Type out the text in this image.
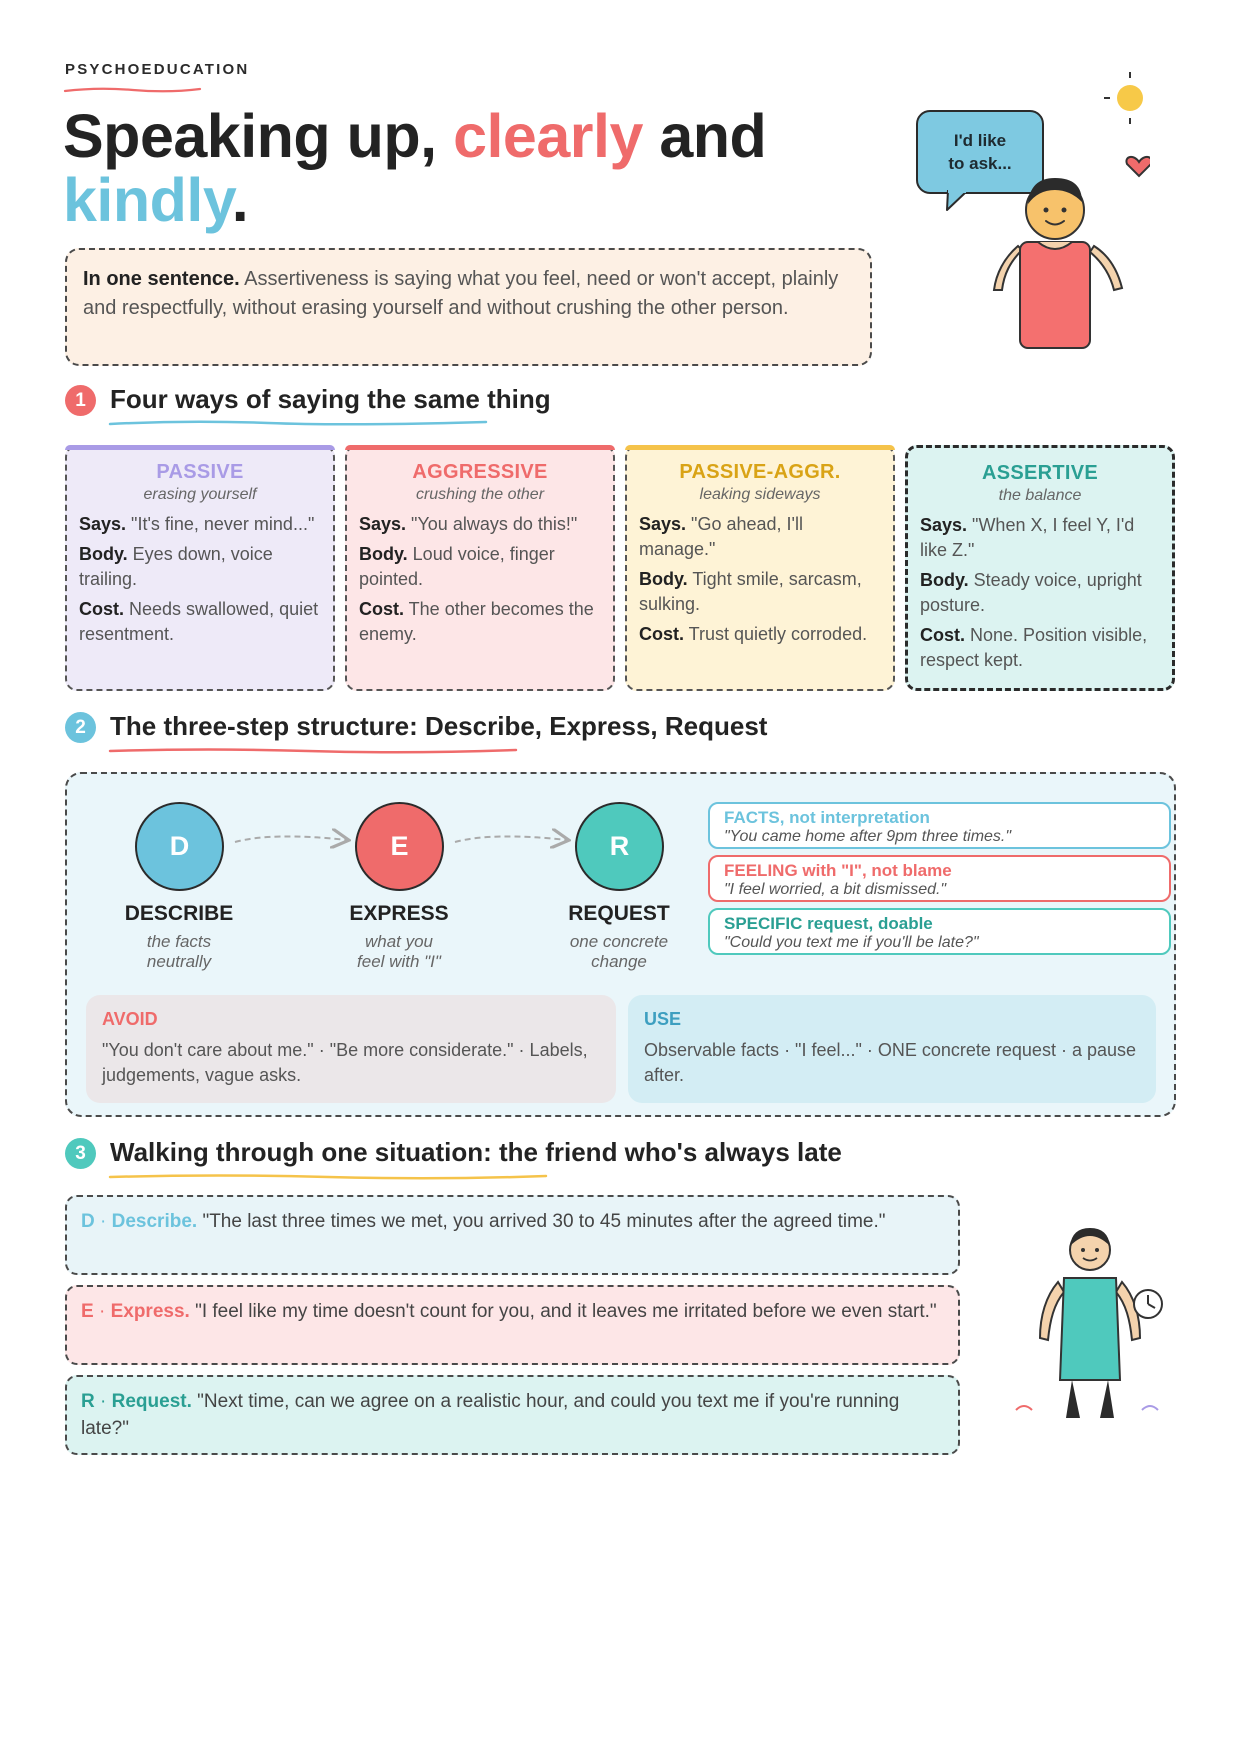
PSYCHOEDUCATION
Speaking up, clearly and
kindly.
In one sentence. Assertiveness is saying what you feel, need or won't accept, plainly and respectfully, without erasing yourself and without crushing the other person.
I'd like
to ask...
1 Four ways of saying the same thing
PASSIVE
erasing yourself

Says. "It's fine, never mind..."

Body. Eyes down, voice trailing.

Cost. Needs swallowed, quiet resentment.

AGGRESSIVE
crushing the other

Says. "You always do this!"

Body. Loud voice, finger pointed.

Cost. The other becomes the enemy.

PASSIVE-AGGR.
leaking sideways

Says. "Go ahead, I'll manage."

Body. Tight smile, sarcasm, sulking.

Cost. Trust quietly corroded.

ASSERTIVE
the balance

Says. "When X, I feel Y, I'd like Z."

Body. Steady voice, upright posture.

Cost. None. Position visible, respect kept.

2 The three-step structure: Describe, Express, Request
D
DESCRIBE
the facts
neutrally
E
EXPRESS
what you
feel with "I"
R
REQUEST
one concrete
change
FACTS, not interpretation
"You came home after 9pm three times."
FEELING with "I", not blame
"I feel worried, a bit dismissed."
SPECIFIC request, doable
"Could you text me if you'll be late?"
AVOID
"You don't care about me." · "Be more considerate." · Labels, judgements, vague asks.
USE
Observable facts · "I feel..." · ONE concrete request · a pause after.
3 Walking through one situation: the friend who's always late
D · Describe. "The last three times we met, you arrived 30 to 45 minutes after the agreed time."
E · Express. "I feel like my time doesn't count for you, and it leaves me irritated before we even start."
R · Request. "Next time, can we agree on a realistic hour, and could you text me if you're running late?"
